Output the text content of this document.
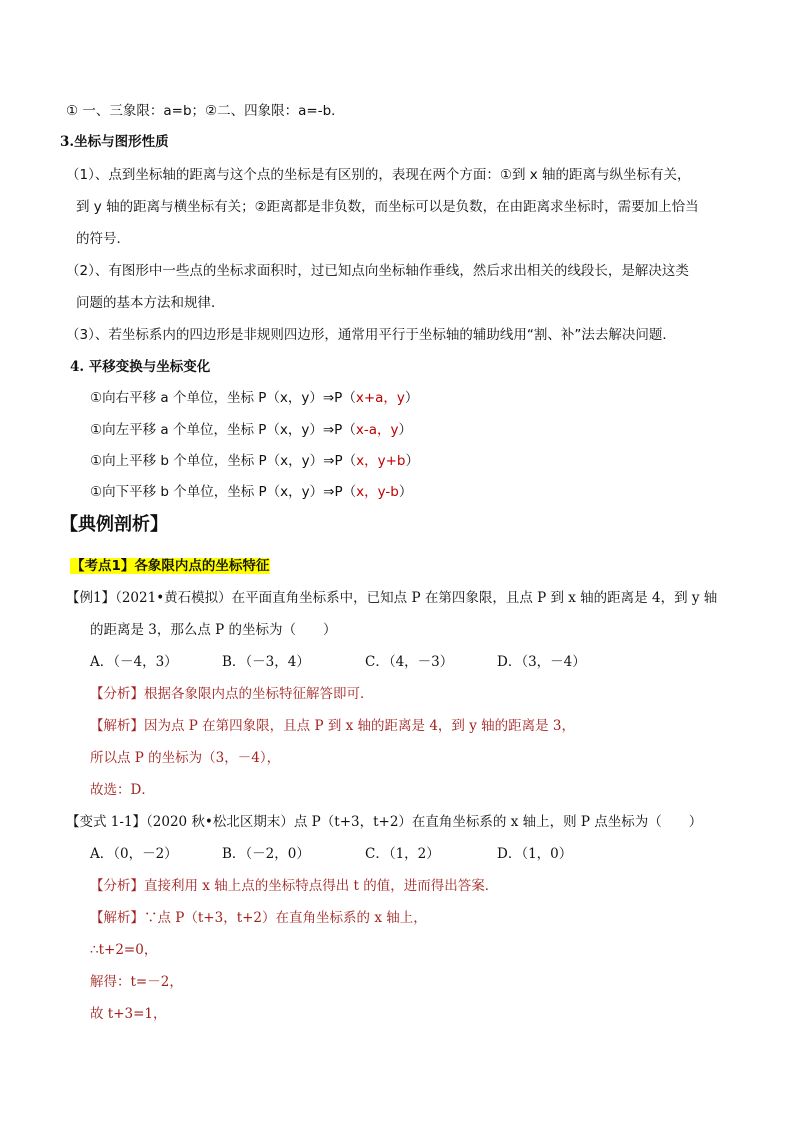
① 一、三象限：a=b；②二、四象限：a=-b．
3.坐标与图形性质
（1）、点到坐标轴的距离与这个点的坐标是有区别的，表现在两个方面：①到 x 轴的距离与纵坐标有关，
到 y 轴的距离与横坐标有关；②距离都是非负数，而坐标可以是负数，在由距离求坐标时，需要加上恰当
的符号．
（2）、有图形中一些点的坐标求面积时，过已知点向坐标轴作垂线，然后求出相关的线段长，是解决这类
问题的基本方法和规律．
（3）、若坐标系内的四边形是非规则四边形，通常用平行于坐标轴的辅助线用“割、补”法去解决问题．
4. 平移变换与坐标变化
①向右平移 a 个单位，坐标 P（x，y）⇒P（x+a，y）
①向左平移 a 个单位，坐标 P（x，y）⇒P（x-a，y）
①向上平移 b 个单位，坐标 P（x，y）⇒P（x，y+b）
①向下平移 b 个单位，坐标 P（x，y）⇒P（x，y-b）
【典例剖析】
【考点1】各象限内点的坐标特征
【例1】（2021•黄石模拟）在平面直角坐标系中，已知点 P 在第四象限，且点 P 到 x 轴的距离是 4，到 y 轴
的距离是 3，那么点 P 的坐标为（　　）
A．（－4，3）	B．（－3，4）	C．（4，－3）	D．（3，－4）
【分析】根据各象限内点的坐标特征解答即可．
【解析】因为点 P 在第四象限，且点 P 到 x 轴的距离是 4，到 y 轴的距离是 3，
所以点 P 的坐标为（3，－4），
故选：D．
【变式 1-1】（2020 秋•松北区期末）点 P（t+3，t+2）在直角坐标系的 x 轴上，则 P 点坐标为（　　）
A．（0，－2）	B．（－2，0）	C．（1，2）	D．（1，0）
【分析】直接利用 x 轴上点的坐标特点得出 t 的值，进而得出答案．
【解析】∵点 P（t+3，t+2）在直角坐标系的 x 轴上，
∴t+2=0，
解得：t=－2，
故 t+3=1，
